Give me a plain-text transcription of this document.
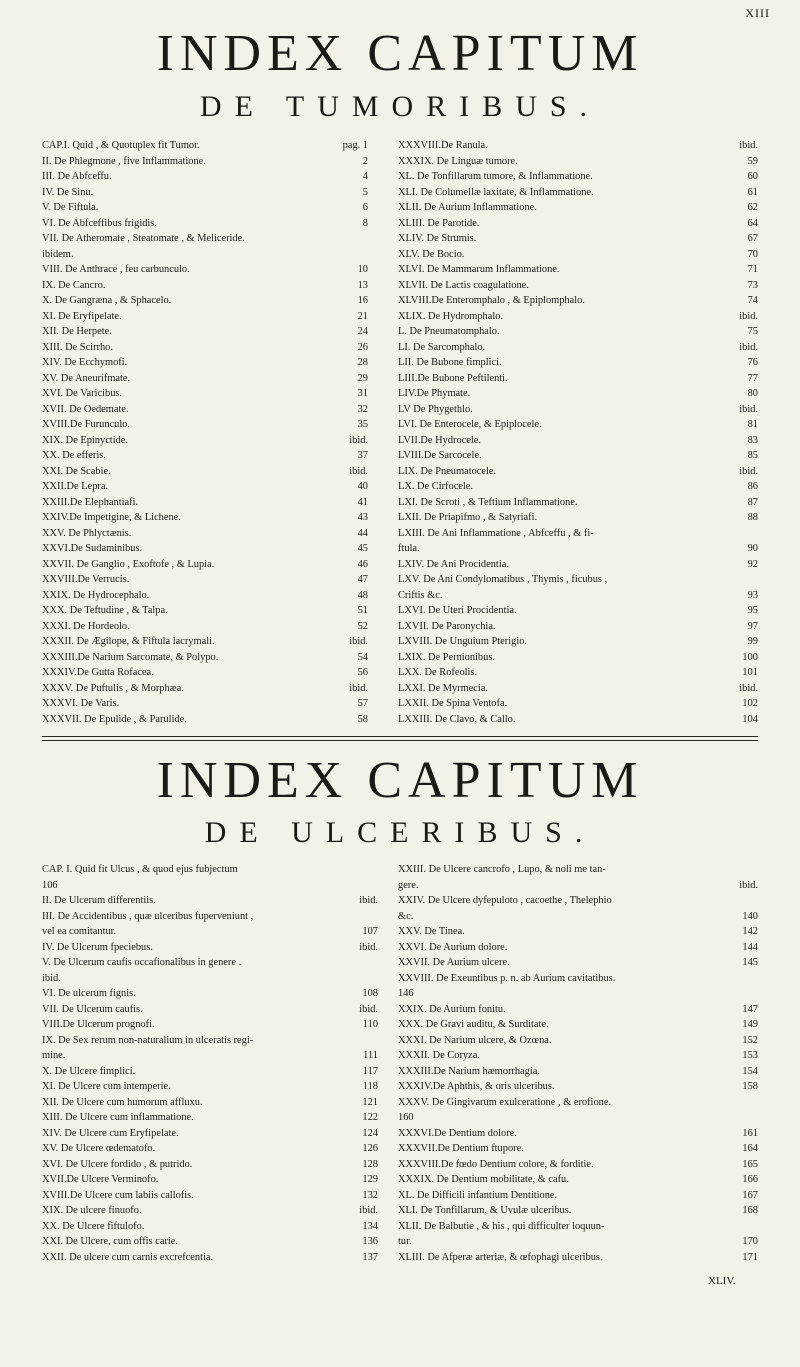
XIII
INDEX CAPITUM
DE TUMORIBUS.
CAP.I. Quid , & Quotuplex fit Tumor.	pag. 1
II. De Phlegmone , five Inflammatione.	2
III. De Abfceffu.	4
IV. De Sinu.	5
V. De Fiftula.	6
VI. De Abfceffibus frigidis.	8
VII. De Atheromate , Steatomate , & Meliceride.
ibidem.
VIII. De Anthrace , feu carbunculo.	10
IX. De Cancro.	13
X. De Gangræna , & Sphacelo.	16
XI. De Eryfipelate.	21
XII. De Herpete.	24
XIII. De Scirrho.	26
XIV. De Ecchymofi.	28
XV. De Aneurifmate.	29
XVI. De Varicibus.	31
XVII. De Oedemate.	32
XVIII.De Furunculo.	35
XIX. De Epinyctide.	ibid.
XX. De efferis.	37
XXI. De Scabie.	ibid.
XXII.De Lepra.	40
XXIII.De Elephantiafi.	41
XXIV.De Impetigine, & Lichene.	43
XXV. De Phlyctænis.	44
XXVI.De Sudaminibus.	45
XXVII. De Ganglio , Exoftofe , & Lupia.	46
XXVIII.De Verrucis.	47
XXIX. De Hydrocephalo.	48
XXX. De Teftudine , & Talpa.	51
XXXI. De Hordeolo.	52
XXXII. De Ægilope, & Fiftula lacrymali.	ibid.
XXXIII.De Narium Sarcomate, & Polypo.	54
XXXIV.De Gutta Rofacea.	56
XXXV. De Puftulis , & Morphæa.	ibid.
XXXVI. De Varis.	57
XXXVII. De Epulide , & Parulide.	58
XXXVIII.De Ranula.	ibid.
XXXIX. De Linguæ tumore.	59
XL. De Tonfillarum tumore, & Inflammatione.	60
XLI. De Columellæ laxitate, & Inflammatione.	61
XLII. De Aurium Inflammatione.	62
XLIII. De Parotide.	64
XLIV. De Strumis.	67
XLV. De Bocio.	70
XLVI. De Mammarum Inflammatione.	71
XLVII. De Lactis coagulatione.	73
XLVIII.De Enteromphalo , & Epiplomphalo.	74
XLIX. De Hydromphalo.	ibid.
L. De Pneumatomphalo.	75
LI. De Sarcomphalo.	ibid.
LII. De Bubone fimplici.	76
LIII.De Bubone Peftilenti.	77
LIV.De Phymate.	80
LV De Phygethlo.	ibid.
LVI. De Enterocele, & Epiplocele.	81
LVII.De Hydrocele.	83
LVIII.De Sarcocele.	85
LIX. De Pneumatocele.	ibid.
LX. De Cirfocele.	86
LXI. De Scroti , & Teftium Inflammatione.	87
LXII. De Priapifmo , & Satyriafi.	88
LXIII. De Ani Inflammatione , Abfceffu , & fi-
ftula.	90
LXIV. De Ani Procidentia.	92
LXV. De Ani Condylomatibus , Thymis , ficubus ,
Criftis &c.	93
LXVI. De Uteri Procidentia.	95
LXVII. De Paronychia.	97
LXVIII. De Unguium Pterigio.	99
LXIX. De Pernionibus.	100
LXX. De Rofeolis.	101
LXXI. De Myrmecia.	ibid.
LXXII. De Spina Ventofa.	102
LXXIII. De Clavo, & Callo.	104
INDEX CAPITUM
DE ULCERIBUS.
CAP. I. Quid fit Ulcus , & quod ejus fubjectum
106
II. De Ulcerum differentiis.	ibid.
III. De Accidentibus , quæ ulceribus fuperveniunt ,
vel ea comitantur.	107
IV. De Ulcerum fpeciebus.	ibid.
V. De Ulcerum caufis occafionalibus in genere .
ibid.
VI. De ulcerum fignis.	108
VII. De Ulcerum caufis.	ibid.
VIII.De Ulcerum prognofi.	110
IX. De Sex rerum non-naturalium in ulceratis regi-
mine.	111
X. De Ulcere fimplici.	117
XI. De Ulcere cum intemperie.	118
XII. De Ulcere cum humorum affluxu.	121
XIII. De Ulcere cum inflammatione.	122
XIV. De Ulcere cum Eryfipelate.	124
XV. De Ulcere œdematofo.	126
XVI. De Ulcere fordido , & putrido.	128
XVII.De Ulcere Verminofo.	129
XVIII.De Ulcere cum labiis callofis.	132
XIX. De ulcere finuofo.	ibid.
XX. De Ulcere fiftulofo.	134
XXI. De Ulcere, cum offis carie.	136
XXII. De ulcere cum carnis excrefcentia.	137
XXIII. De Ulcere cancrofo , Lupo, & noli me tan-
gere.	ibid.
XXIV. De Ulcere dyfepuloto , cacoethe , Thelephio
&c.	140
XXV. De Tinea.	142
XXVI. De Aurium dolore.	144
XXVII. De Aurium ulcere.	145
XXVIII. De Exeuntibus p. n. ab Aurium cavitatibus.
146
XXIX. De Aurium fonitu.	147
XXX. De Gravi auditu, & Surditate.	149
XXXI. De Narium ulcere, & Ozœna.	152
XXXII. De Coryza.	153
XXXIII.De Narium hæmorrhagia.	154
XXXIV.De Aphthis, & oris ulceribus.	158
XXXV. De Gingivarum exulceratione , & erofione.
160
XXXVI.De Dentium dolore.	161
XXXVII.De Dentium ftupore.	164
XXXVIII.De fœdo Dentium colore, & forditie.	165
XXXIX. De Dentium mobilitate, & cafu.	166
XL. De Difficili infantium Dentitione.	167
XLI. De Tonfillarum, & Uvulæ ulceribus.	168
XLII. De Balbutie , & his , qui difficulter loquun-
tur.	170
XLIII. De Afperæ arteriæ, & œfophagi ulceribus.	171
XLIV.
